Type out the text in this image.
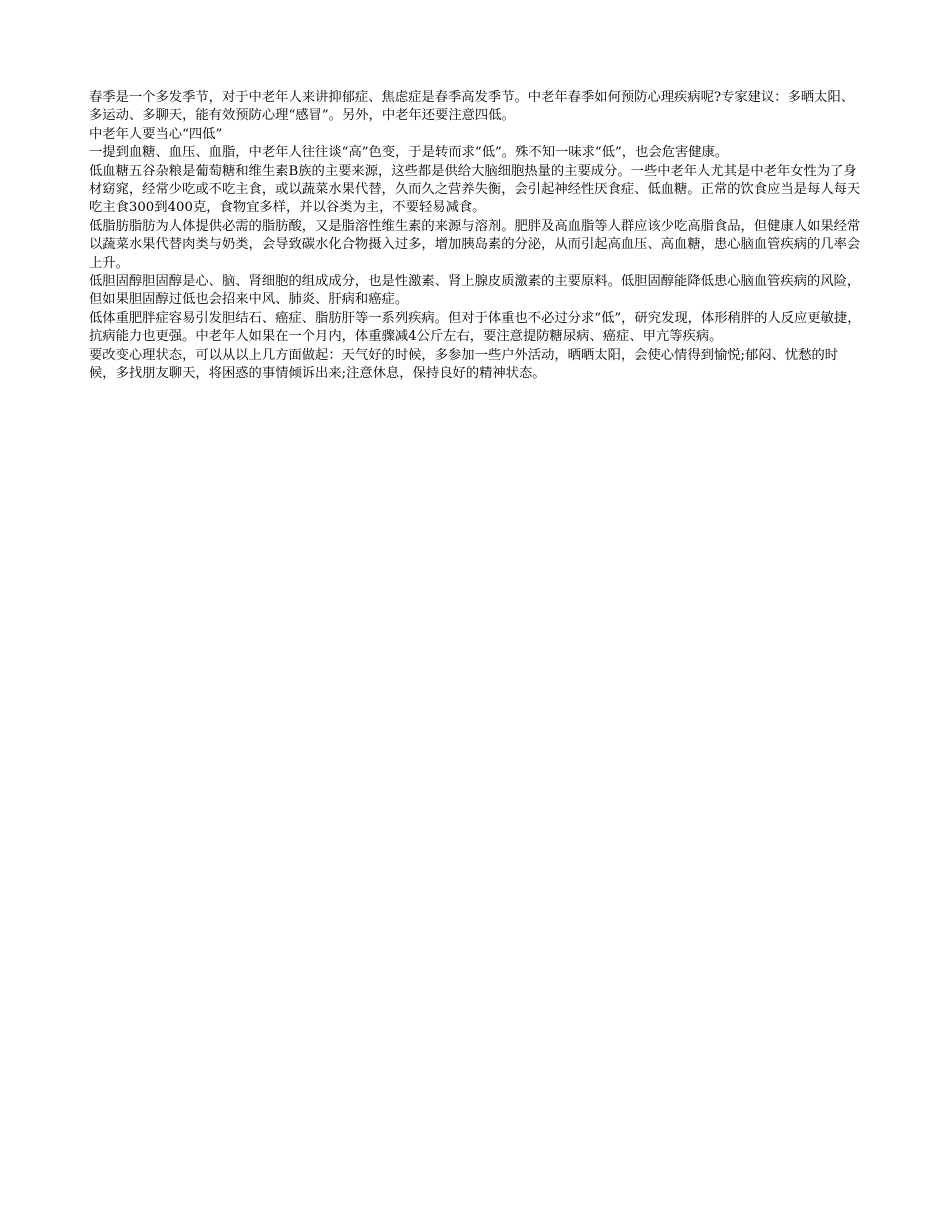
春季是一个多发季节，对于中老年人来讲抑郁症、焦虑症是春季高发季节。中老年春季如何预防心理疾病呢?专家建议：多晒太阳、多运动、多聊天，能有效预防心理“感冒”。另外，中老年还要注意四低。

中老年人要当心“四低”

一提到血糖、血压、血脂，中老年人往往谈“高”色变，于是转而求“低”。殊不知一味求“低”，也会危害健康。

低血糖五谷杂粮是葡萄糖和维生素B族的主要来源，这些都是供给大脑细胞热量的主要成分。一些中老年人尤其是中老年女性为了身材窈窕，经常少吃或不吃主食，或以蔬菜水果代替，久而久之营养失衡，会引起神经性厌食症、低血糖。正常的饮食应当是每人每天吃主食300到400克，食物宜多样，并以谷类为主，不要轻易减食。

低脂肪脂肪为人体提供必需的脂肪酸，又是脂溶性维生素的来源与溶剂。肥胖及高血脂等人群应该少吃高脂食品，但健康人如果经常以蔬菜水果代替肉类与奶类，会导致碳水化合物摄入过多，增加胰岛素的分泌，从而引起高血压、高血糖，患心脑血管疾病的几率会上升。

低胆固醇胆固醇是心、脑、肾细胞的组成成分，也是性激素、肾上腺皮质激素的主要原料。低胆固醇能降低患心脑血管疾病的风险，但如果胆固醇过低也会招来中风、肺炎、肝病和癌症。

低体重肥胖症容易引发胆结石、癌症、脂肪肝等一系列疾病。但对于体重也不必过分求“低”，研究发现，体形稍胖的人反应更敏捷，抗病能力也更强。中老年人如果在一个月内，体重骤减4公斤左右，要注意提防糖尿病、癌症、甲亢等疾病。

要改变心理状态，可以从以上几方面做起：天气好的时候，多参加一些户外活动，晒晒太阳，会使心情得到愉悦;郁闷、忧愁的时候，多找朋友聊天，将困惑的事情倾诉出来;注意休息，保持良好的精神状态。
